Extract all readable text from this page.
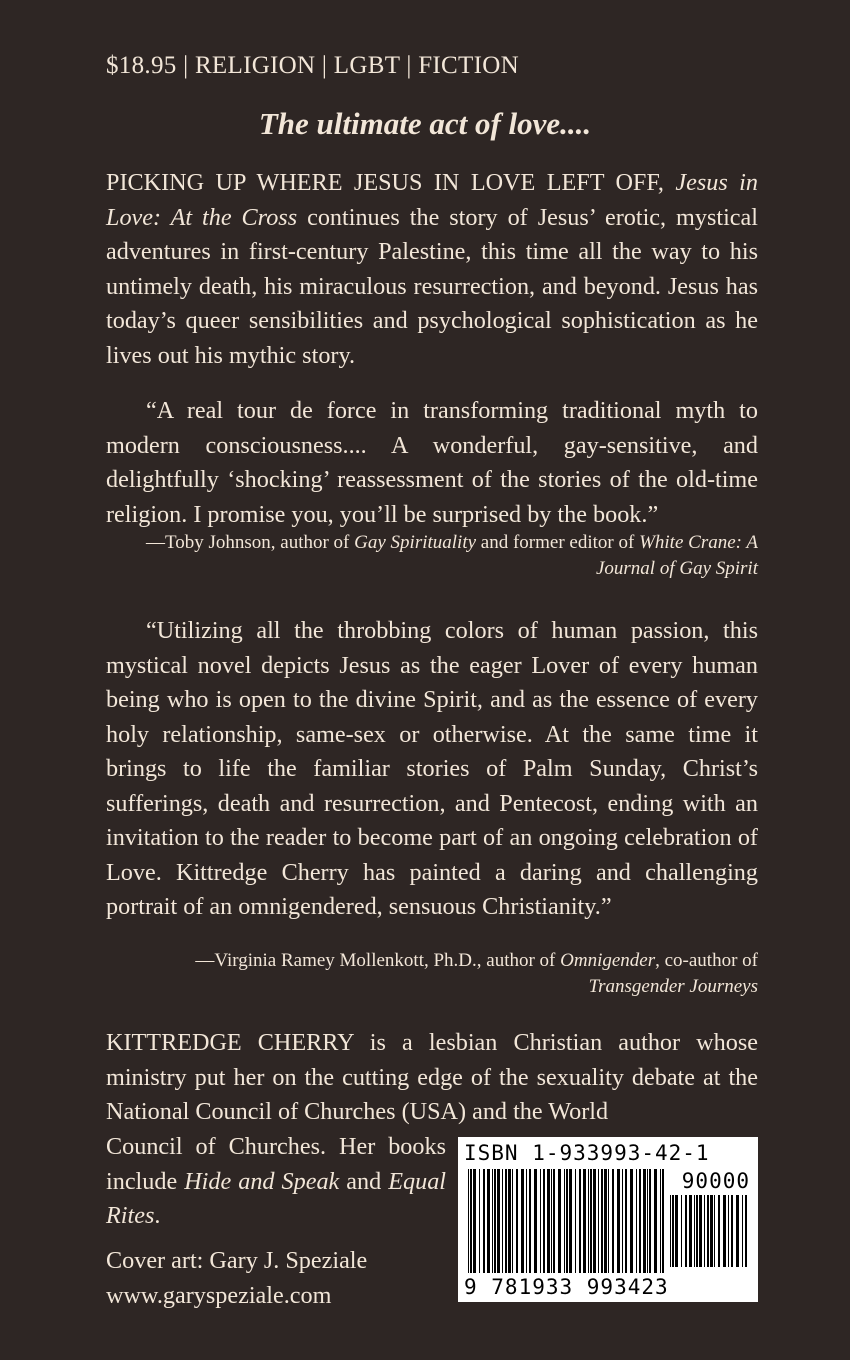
$18.95 | RELIGION | LGBT | FICTION
The ultimate act of love....

PICKING UP WHERE JESUS IN LOVE LEFT OFF, Jesus in Love: At the Cross continues the story of Jesus’ erotic, mystical adventures in first-century Palestine, this time all the way to his untimely death, his miraculous resurrection, and beyond. Jesus has today’s queer sensibilities and psychological sophistication as he lives out his mythic story.

“A real tour de force in transforming traditional myth to modern consciousness.... A wonderful, gay-sensitive, and delightfully ‘shocking’ reassessment of the stories of the old-time religion. I promise you, you’ll be surprised by the book.”

—Toby Johnson, author of Gay Spirituality and former editor of White Crane: A Journal of Gay Spirit

“Utilizing all the throbbing colors of human passion, this mystical novel depicts Jesus as the eager Lover of every human being who is open to the divine Spirit, and as the essence of every holy relationship, same-sex or otherwise. At the same time it brings to life the familiar stories of Palm Sunday, Christ’s sufferings, death and resurrection, and Pentecost, ending with an invitation to the reader to become part of an ongoing celebration of Love. Kittredge Cherry has painted a daring and challenging portrait of an omnigendered, sensuous Christianity.”

—Virginia Ramey Mollenkott, Ph.D., author of Omnigender, co-author of Transgender Journeys

KITTREDGE CHERRY is a lesbian Christian author whose ministry put her on the cutting edge of the sexuality debate at the National Council of Churches (USA) and the World

Council of Churches. Her books include Hide and Speak and Equal Rites.

Cover art: Gary J. Speziale
www.garyspeziale.com
ISBN 1-933993-42-1
90000
9 781933 993423
